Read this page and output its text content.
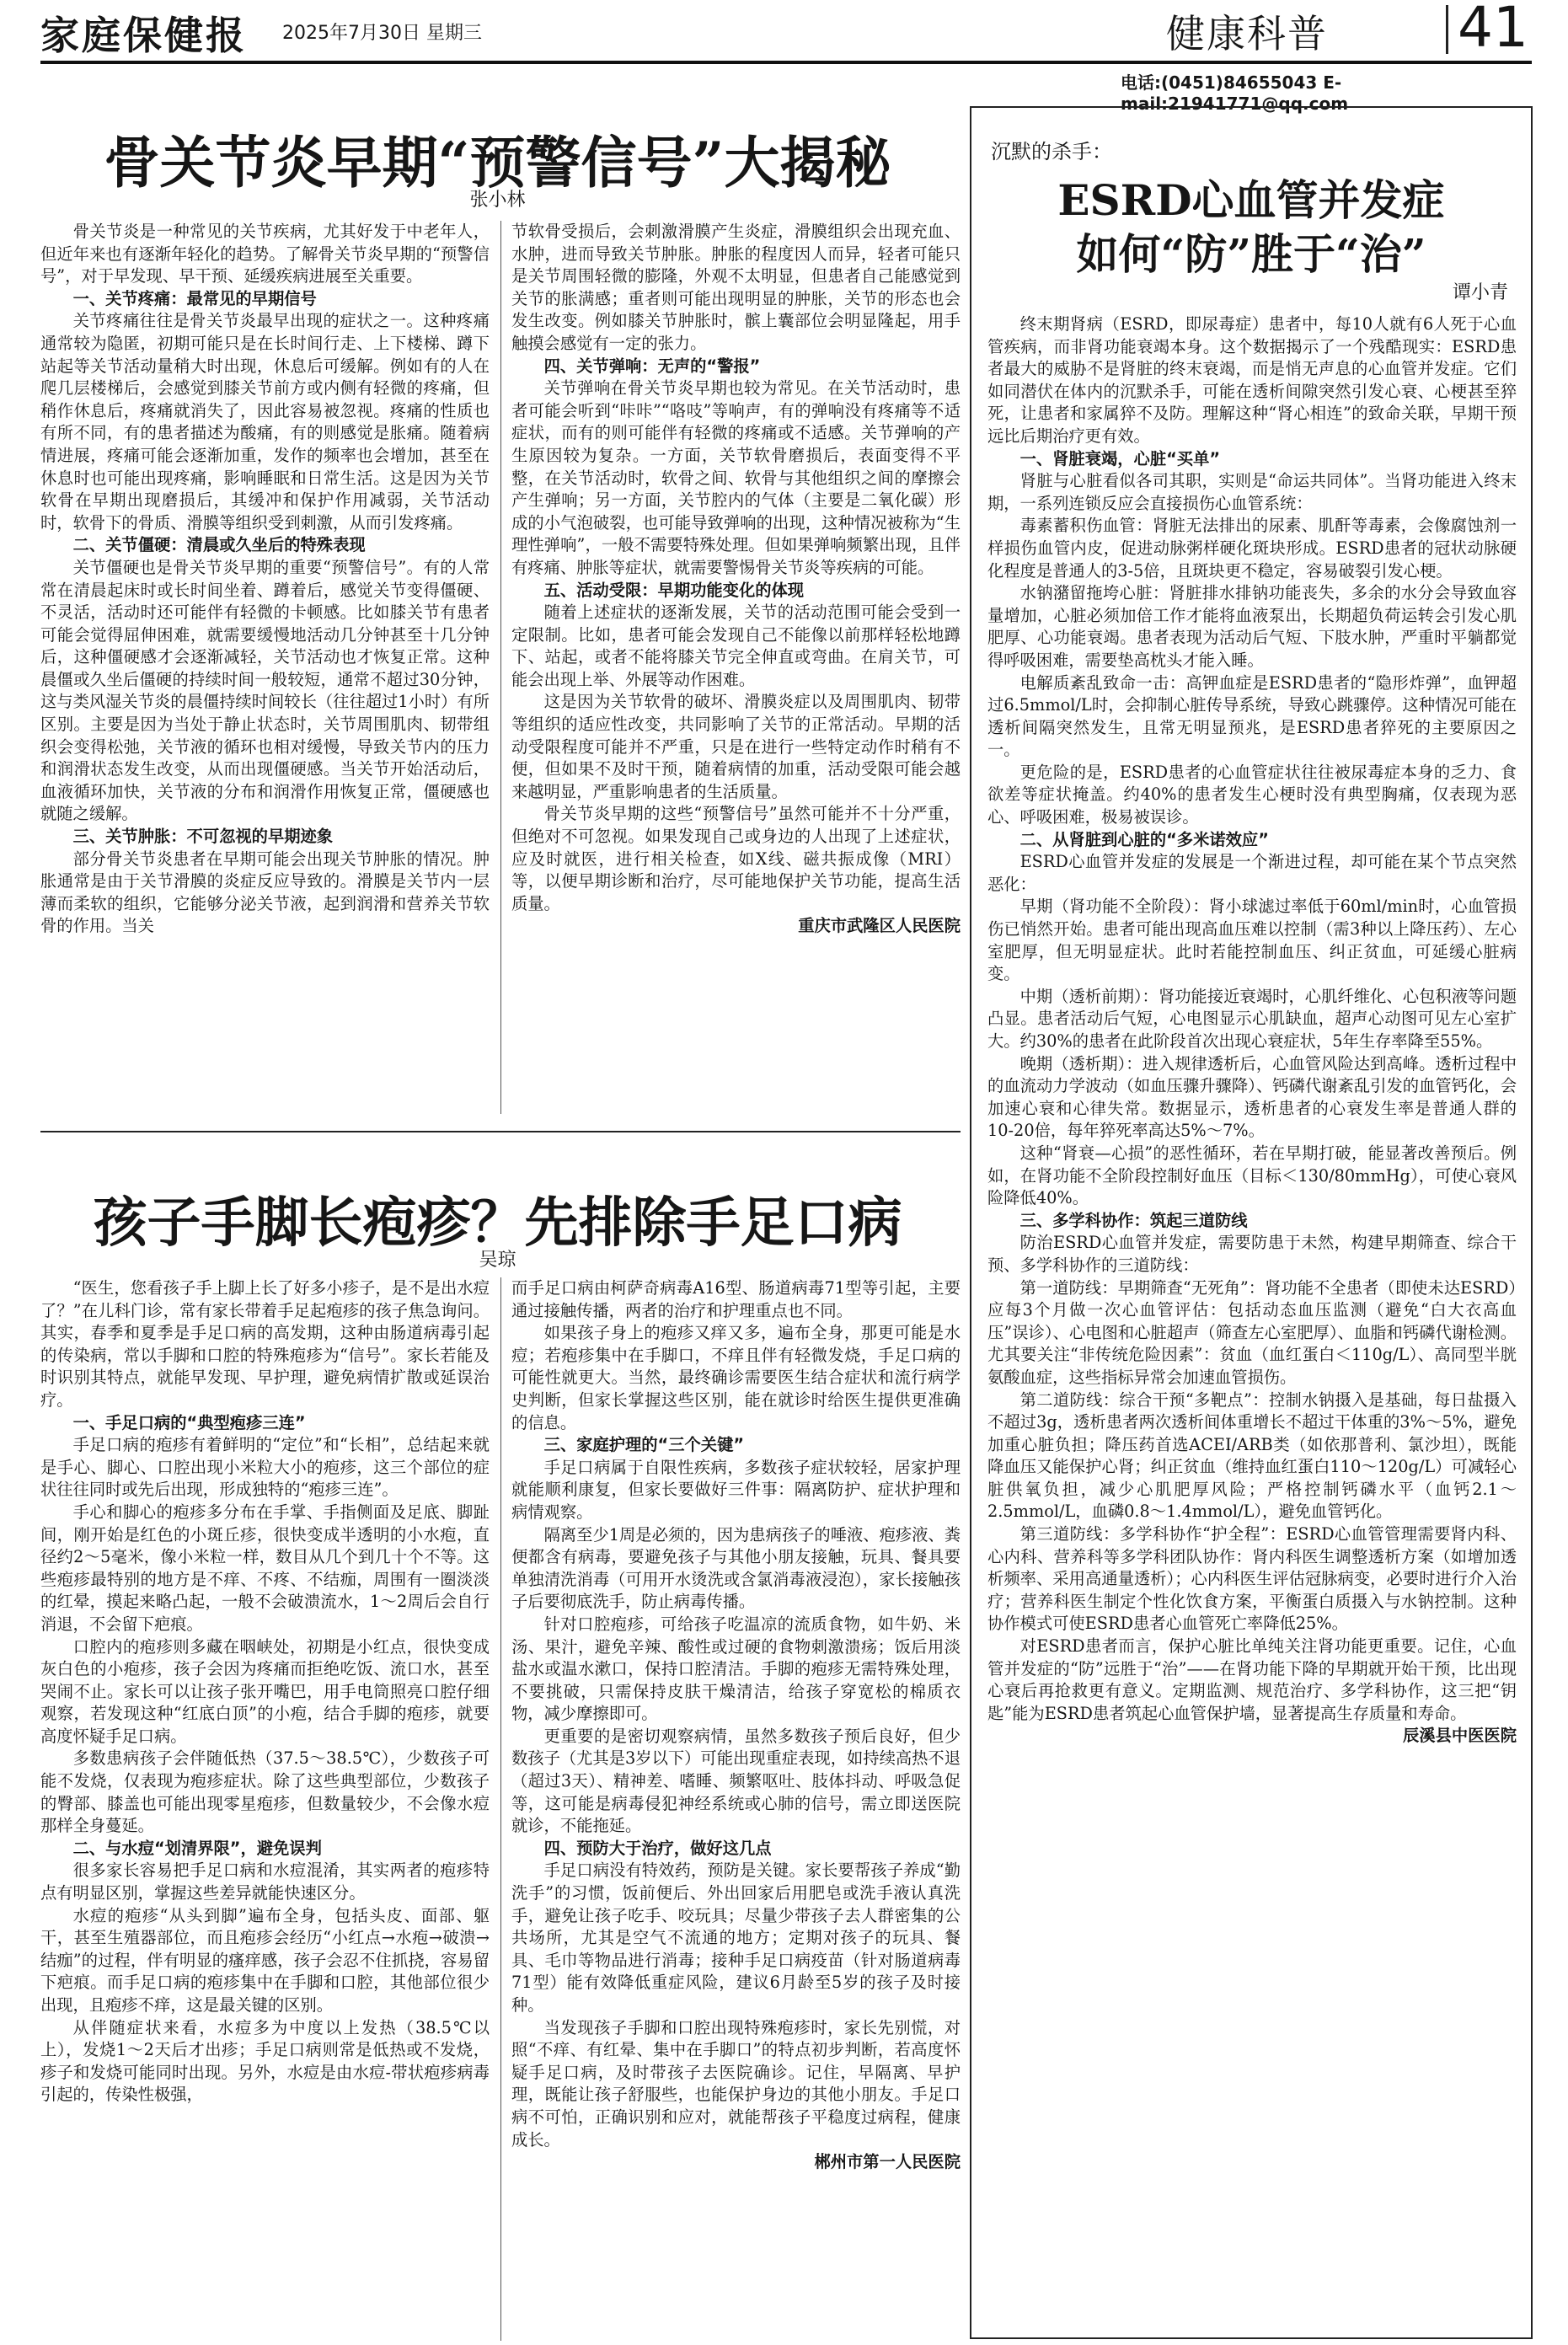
家庭保健报 2025年7月30日 星期三	健康科普 41
电话:(0451)84655043 E-mail:21941771@qq.com
骨关节炎早期“预警信号”大揭秘
张小林

骨关节炎是一种常见的关节疾病，尤其好发于中老年人，但近年来也有逐渐年轻化的趋势。了解骨关节炎早期的“预警信号”，对于早发现、早干预、延缓疾病进展至关重要。

一、关节疼痛：最常见的早期信号

关节疼痛往往是骨关节炎最早出现的症状之一。这种疼痛通常较为隐匿，初期可能只是在长时间行走、上下楼梯、蹲下站起等关节活动量稍大时出现，休息后可缓解。例如有的人在爬几层楼梯后，会感觉到膝关节前方或内侧有轻微的疼痛，但稍作休息后，疼痛就消失了，因此容易被忽视。疼痛的性质也有所不同，有的患者描述为酸痛，有的则感觉是胀痛。随着病情进展，疼痛可能会逐渐加重，发作的频率也会增加，甚至在休息时也可能出现疼痛，影响睡眠和日常生活。这是因为关节软骨在早期出现磨损后，其缓冲和保护作用减弱，关节活动时，软骨下的骨质、滑膜等组织受到刺激，从而引发疼痛。

二、关节僵硬：清晨或久坐后的特殊表现

关节僵硬也是骨关节炎早期的重要“预警信号”。有的人常常在清晨起床时或长时间坐着、蹲着后，感觉关节变得僵硬、不灵活，活动时还可能伴有轻微的卡顿感。比如膝关节有患者可能会觉得屈伸困难，就需要缓慢地活动几分钟甚至十几分钟后，这种僵硬感才会逐渐减轻，关节活动也才恢复正常。这种晨僵或久坐后僵硬的持续时间一般较短，通常不超过30分钟，这与类风湿关节炎的晨僵持续时间较长（往往超过1小时）有所区别。主要是因为当处于静止状态时，关节周围肌肉、韧带组织会变得松弛，关节液的循环也相对缓慢，导致关节内的压力和润滑状态发生改变，从而出现僵硬感。当关节开始活动后，血液循环加快，关节液的分布和润滑作用恢复正常，僵硬感也就随之缓解。

三、关节肿胀：不可忽视的早期迹象

部分骨关节炎患者在早期可能会出现关节肿胀的情况。肿胀通常是由于关节滑膜的炎症反应导致的。滑膜是关节内一层薄而柔软的组织，它能够分泌关节液，起到润滑和营养关节软骨的作用。当关

节软骨受损后，会刺激滑膜产生炎症，滑膜组织会出现充血、水肿，进而导致关节肿胀。肿胀的程度因人而异，轻者可能只是关节周围轻微的膨隆，外观不太明显，但患者自己能感觉到关节的胀满感；重者则可能出现明显的肿胀，关节的形态也会发生改变。例如膝关节肿胀时，髌上囊部位会明显隆起，用手触摸会感觉有一定的张力。

四、关节弹响：无声的“警报”

关节弹响在骨关节炎早期也较为常见。在关节活动时，患者可能会听到“咔咔”“咯吱”等响声，有的弹响没有疼痛等不适症状，而有的则可能伴有轻微的疼痛或不适感。关节弹响的产生原因较为复杂。一方面，关节软骨磨损后，表面变得不平整，在关节活动时，软骨之间、软骨与其他组织之间的摩擦会产生弹响；另一方面，关节腔内的气体（主要是二氧化碳）形成的小气泡破裂，也可能导致弹响的出现，这种情况被称为“生理性弹响”，一般不需要特殊处理。但如果弹响频繁出现，且伴有疼痛、肿胀等症状，就需要警惕骨关节炎等疾病的可能。

五、活动受限：早期功能变化的体现

随着上述症状的逐渐发展，关节的活动范围可能会受到一定限制。比如，患者可能会发现自己不能像以前那样轻松地蹲下、站起，或者不能将膝关节完全伸直或弯曲。在肩关节，可能会出现上举、外展等动作困难。

这是因为关节软骨的破坏、滑膜炎症以及周围肌肉、韧带等组织的适应性改变，共同影响了关节的正常活动。早期的活动受限程度可能并不严重，只是在进行一些特定动作时稍有不便，但如果不及时干预，随着病情的加重，活动受限可能会越来越明显，严重影响患者的生活质量。

骨关节炎早期的这些“预警信号”虽然可能并不十分严重，但绝对不可忽视。如果发现自己或身边的人出现了上述症状，应及时就医，进行相关检查，如X线、磁共振成像（MRI）等，以便早期诊断和治疗，尽可能地保护关节功能，提高生活质量。

重庆市武隆区人民医院

孩子手脚长疱疹？先排除手足口病
吴琼

“医生，您看孩子手上脚上长了好多小疹子，是不是出水痘了？”在儿科门诊，常有家长带着手足起疱疹的孩子焦急询问。其实，春季和夏季是手足口病的高发期，这种由肠道病毒引起的传染病，常以手脚和口腔的特殊疱疹为“信号”。家长若能及时识别其特点，就能早发现、早护理，避免病情扩散或延误治疗。

一、手足口病的“典型疱疹三连”

手足口病的疱疹有着鲜明的“定位”和“长相”，总结起来就是手心、脚心、口腔出现小米粒大小的疱疹，这三个部位的症状往往同时或先后出现，形成独特的“疱疹三连”。

手心和脚心的疱疹多分布在手掌、手指侧面及足底、脚趾间，刚开始是红色的小斑丘疹，很快变成半透明的小水疱，直径约2～5毫米，像小米粒一样，数目从几个到几十个不等。这些疱疹最特别的地方是不痒、不疼、不结痂，周围有一圈淡淡的红晕，摸起来略凸起，一般不会破溃流水，1～2周后会自行消退，不会留下疤痕。

口腔内的疱疹则多藏在咽峡处，初期是小红点，很快变成灰白色的小疱疹，孩子会因为疼痛而拒绝吃饭、流口水，甚至哭闹不止。家长可以让孩子张开嘴巴，用手电筒照亮口腔仔细观察，若发现这种“红底白顶”的小疱，结合手脚的疱疹，就要高度怀疑手足口病。

多数患病孩子会伴随低热（37.5～38.5℃），少数孩子可能不发烧，仅表现为疱疹症状。除了这些典型部位，少数孩子的臀部、膝盖也可能出现零星疱疹，但数量较少，不会像水痘那样全身蔓延。

二、与水痘“划清界限”，避免误判

很多家长容易把手足口病和水痘混淆，其实两者的疱疹特点有明显区别，掌握这些差异就能快速区分。

水痘的疱疹“从头到脚”遍布全身，包括头皮、面部、躯干，甚至生殖器部位，而且疱疹会经历“小红点→水疱→破溃→结痂”的过程，伴有明显的瘙痒感，孩子会忍不住抓挠，容易留下疤痕。而手足口病的疱疹集中在手脚和口腔，其他部位很少出现，且疱疹不痒，这是最关键的区别。

从伴随症状来看，水痘多为中度以上发热（38.5℃以上），发烧1～2天后才出疹；手足口病则常是低热或不发烧，疹子和发烧可能同时出现。另外，水痘是由水痘-带状疱疹病毒引起的，传染性极强，

而手足口病由柯萨奇病毒A16型、肠道病毒71型等引起，主要通过接触传播，两者的治疗和护理重点也不同。

如果孩子身上的疱疹又痒又多，遍布全身，那更可能是水痘；若疱疹集中在手脚口，不痒且伴有轻微发烧，手足口病的可能性就更大。当然，最终确诊需要医生结合症状和流行病学史判断，但家长掌握这些区别，能在就诊时给医生提供更准确的信息。

三、家庭护理的“三个关键”

手足口病属于自限性疾病，多数孩子症状较轻，居家护理就能顺利康复，但家长要做好三件事：隔离防护、症状护理和病情观察。

隔离至少1周是必须的，因为患病孩子的唾液、疱疹液、粪便都含有病毒，要避免孩子与其他小朋友接触，玩具、餐具要单独清洗消毒（可用开水烫洗或含氯消毒液浸泡），家长接触孩子后要彻底洗手，防止病毒传播。

针对口腔疱疹，可给孩子吃温凉的流质食物，如牛奶、米汤、果汁，避免辛辣、酸性或过硬的食物刺激溃疡；饭后用淡盐水或温水漱口，保持口腔清洁。手脚的疱疹无需特殊处理，不要挑破，只需保持皮肤干燥清洁，给孩子穿宽松的棉质衣物，减少摩擦即可。

更重要的是密切观察病情，虽然多数孩子预后良好，但少数孩子（尤其是3岁以下）可能出现重症表现，如持续高热不退（超过3天）、精神差、嗜睡、频繁呕吐、肢体抖动、呼吸急促等，这可能是病毒侵犯神经系统或心肺的信号，需立即送医院就诊，不能拖延。

四、预防大于治疗，做好这几点

手足口病没有特效药，预防是关键。家长要帮孩子养成“勤洗手”的习惯，饭前便后、外出回家后用肥皂或洗手液认真洗手，避免让孩子吃手、咬玩具；尽量少带孩子去人群密集的公共场所，尤其是空气不流通的地方；定期对孩子的玩具、餐具、毛巾等物品进行消毒；接种手足口病疫苗（针对肠道病毒71型）能有效降低重症风险，建议6月龄至5岁的孩子及时接种。

当发现孩子手脚和口腔出现特殊疱疹时，家长先别慌，对照“不痒、有红晕、集中在手脚口”的特点初步判断，若高度怀疑手足口病，及时带孩子去医院确诊。记住，早隔离、早护理，既能让孩子舒服些，也能保护身边的其他小朋友。手足口病不可怕，正确识别和应对，就能帮孩子平稳度过病程，健康成长。

郴州市第一人民医院

沉默的杀手：
ESRD心血管并发症
如何“防”胜于“治”
谭小青

终末期肾病（ESRD，即尿毒症）患者中，每10人就有6人死于心血管疾病，而非肾功能衰竭本身。这个数据揭示了一个残酷现实：ESRD患者最大的威胁不是肾脏的终末衰竭，而是悄无声息的心血管并发症。它们如同潜伏在体内的沉默杀手，可能在透析间隙突然引发心衰、心梗甚至猝死，让患者和家属猝不及防。理解这种“肾心相连”的致命关联，早期干预远比后期治疗更有效。

一、肾脏衰竭，心脏“买单”

肾脏与心脏看似各司其职，实则是“命运共同体”。当肾功能进入终末期，一系列连锁反应会直接损伤心血管系统：

毒素蓄积伤血管：肾脏无法排出的尿素、肌酐等毒素，会像腐蚀剂一样损伤血管内皮，促进动脉粥样硬化斑块形成。ESRD患者的冠状动脉硬化程度是普通人的3-5倍，且斑块更不稳定，容易破裂引发心梗。

水钠潴留拖垮心脏：肾脏排水排钠功能丧失，多余的水分会导致血容量增加，心脏必须加倍工作才能将血液泵出，长期超负荷运转会引发心肌肥厚、心功能衰竭。患者表现为活动后气短、下肢水肿，严重时平躺都觉得呼吸困难，需要垫高枕头才能入睡。

电解质紊乱致命一击：高钾血症是ESRD患者的“隐形炸弹”，血钾超过6.5mmol/L时，会抑制心脏传导系统，导致心跳骤停。这种情况可能在透析间隔突然发生，且常无明显预兆，是ESRD患者猝死的主要原因之一。

更危险的是，ESRD患者的心血管症状往往被尿毒症本身的乏力、食欲差等症状掩盖。约40%的患者发生心梗时没有典型胸痛，仅表现为恶心、呼吸困难，极易被误诊。

二、从肾脏到心脏的“多米诺效应”

ESRD心血管并发症的发展是一个渐进过程，却可能在某个节点突然恶化：

早期（肾功能不全阶段）：肾小球滤过率低于60ml/min时，心血管损伤已悄然开始。患者可能出现高血压难以控制（需3种以上降压药）、左心室肥厚，但无明显症状。此时若能控制血压、纠正贫血，可延缓心脏病变。

中期（透析前期）：肾功能接近衰竭时，心肌纤维化、心包积液等问题凸显。患者活动后气短，心电图显示心肌缺血，超声心动图可见左心室扩大。约30%的患者在此阶段首次出现心衰症状，5年生存率降至55%。

晚期（透析期）：进入规律透析后，心血管风险达到高峰。透析过程中的血流动力学波动（如血压骤升骤降）、钙磷代谢紊乱引发的血管钙化，会加速心衰和心律失常。数据显示，透析患者的心衰发生率是普通人群的10-20倍，每年猝死率高达5%～7%。

这种“肾衰—心损”的恶性循环，若在早期打破，能显著改善预后。例如，在肾功能不全阶段控制好血压（目标＜130/80mmHg），可使心衰风险降低40%。

三、多学科协作：筑起三道防线

防治ESRD心血管并发症，需要防患于未然，构建早期筛查、综合干预、多学科协作的三道防线：

第一道防线：早期筛查“无死角”：肾功能不全患者（即使未达ESRD）应每3个月做一次心血管评估：包括动态血压监测（避免“白大衣高血压”误诊）、心电图和心脏超声（筛查左心室肥厚）、血脂和钙磷代谢检测。尤其要关注“非传统危险因素”：贫血（血红蛋白＜110g/L）、高同型半胱氨酸血症，这些指标异常会加速血管损伤。

第二道防线：综合干预“多靶点”：控制水钠摄入是基础，每日盐摄入不超过3g，透析患者两次透析间体重增长不超过干体重的3%～5%，避免加重心脏负担；降压药首选ACEI/ARB类（如依那普利、氯沙坦），既能降血压又能保护心肾；纠正贫血（维持血红蛋白110～120g/L）可减轻心脏供氧负担，减少心肌肥厚风险；严格控制钙磷水平（血钙2.1～2.5mmol/L，血磷0.8～1.4mmol/L），避免血管钙化。

第三道防线：多学科协作“护全程”：ESRD心血管管理需要肾内科、心内科、营养科等多学科团队协作：肾内科医生调整透析方案（如增加透析频率、采用高通量透析）；心内科医生评估冠脉病变，必要时进行介入治疗；营养科医生制定个性化饮食方案，平衡蛋白质摄入与水钠控制。这种协作模式可使ESRD患者心血管死亡率降低25%。

对ESRD患者而言，保护心脏比单纯关注肾功能更重要。记住，心血管并发症的“防”远胜于“治”——在肾功能下降的早期就开始干预，比出现心衰后再抢救更有意义。定期监测、规范治疗、多学科协作，这三把“钥匙”能为ESRD患者筑起心血管保护墙，显著提高生存质量和寿命。

辰溪县中医医院
